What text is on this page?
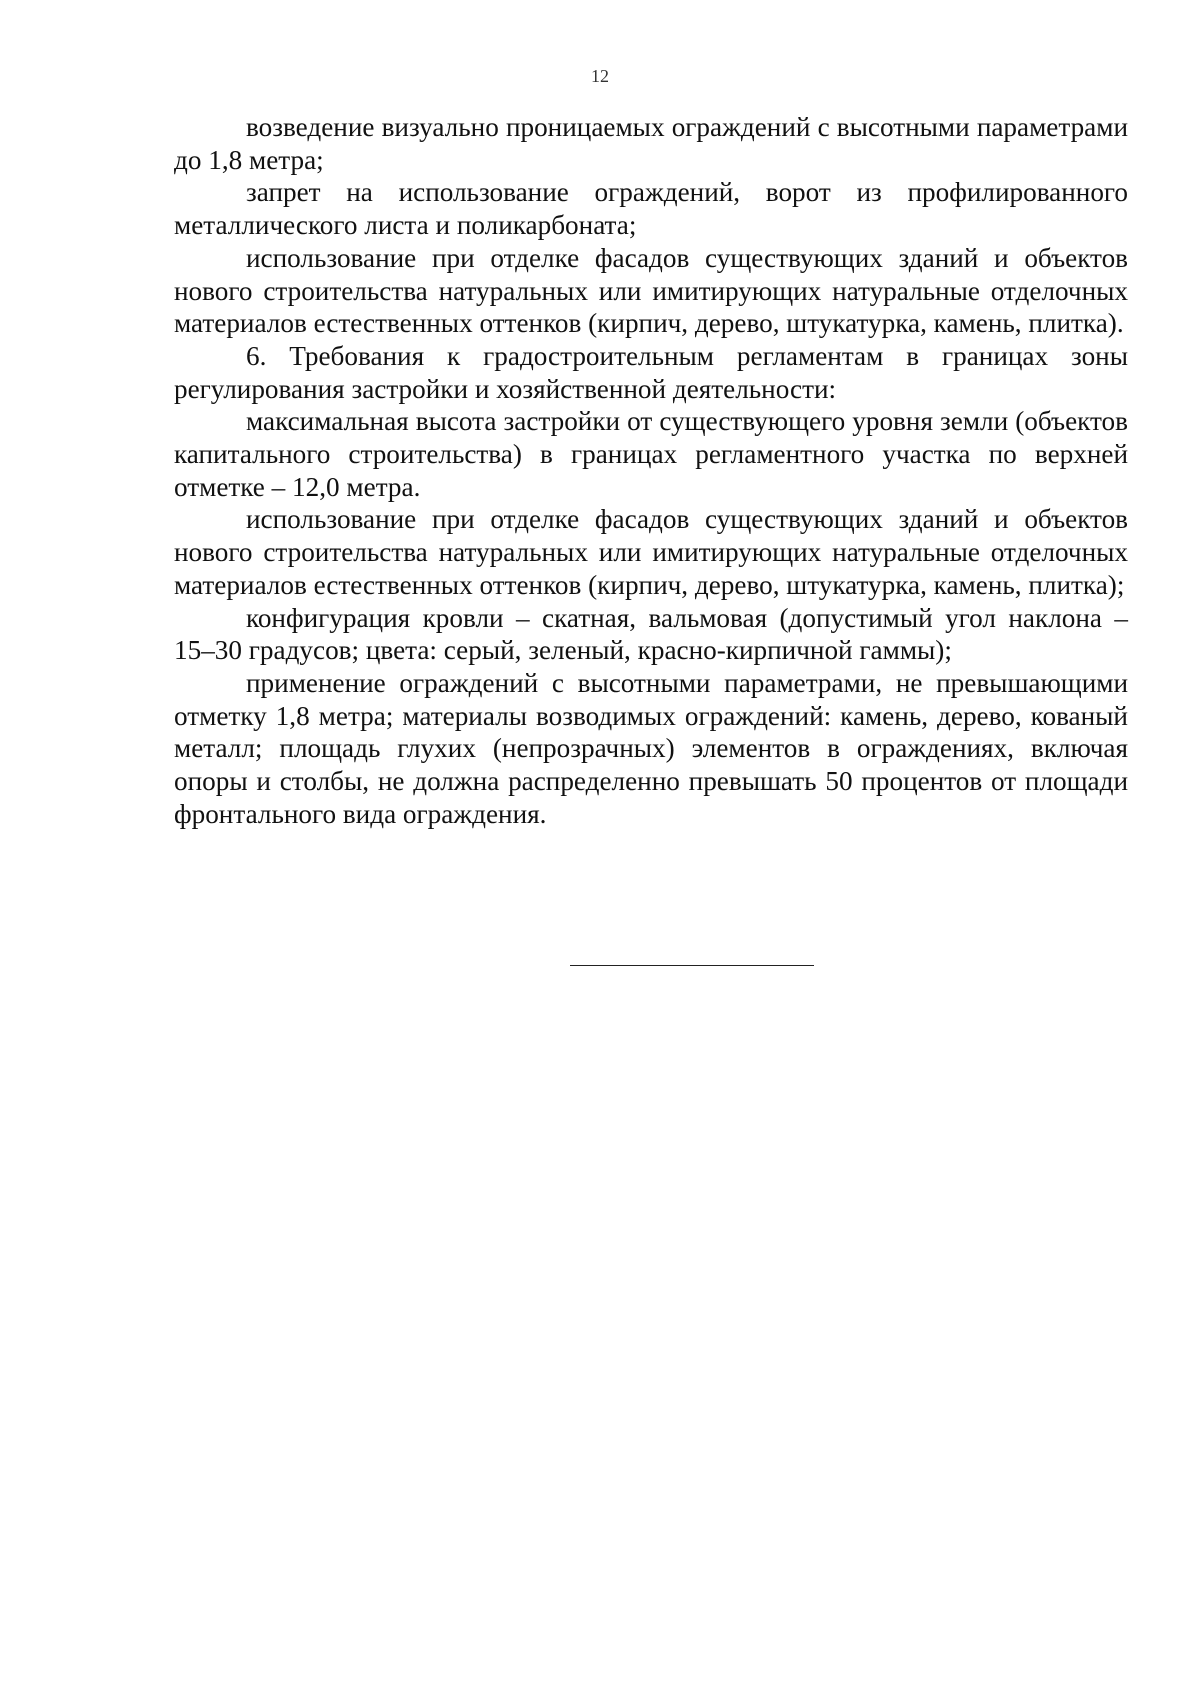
12

возведение визуально проницаемых ограждений с высотными параметрами до 1,8 метра;

запрет на использование ограждений, ворот из профилированного металлического листа и поликарбоната;

использование при отделке фасадов существующих зданий и объектов нового строительства натуральных или имитирующих натуральные отделочных материалов естественных оттенков (кирпич, дерево, штукатурка, камень, плитка).

6. Требования к градостроительным регламентам в границах зоны регулирования застройки и хозяйственной деятельности:

максимальная высота застройки от существующего уровня земли (объектов капитального строительства) в границах регламентного участка по верхней отметке – 12,0 метра.

использование при отделке фасадов существующих зданий и объектов нового строительства натуральных или имитирующих натуральные отделочных материалов естественных оттенков (кирпич, дерево, штукатурка, камень, плитка);

конфигурация кровли – скатная, вальмовая (допустимый угол наклона – 15–30 градусов; цвета: серый, зеленый, красно-кирпичной гаммы);

применение ограждений с высотными параметрами, не превышающими отметку 1,8 метра; материалы возводимых ограждений: камень, дерево, кованый металл; площадь глухих (непрозрачных) элементов в ограждениях, включая опоры и столбы, не должна распределенно превышать 50 процентов от площади фронтального вида ограждения.
